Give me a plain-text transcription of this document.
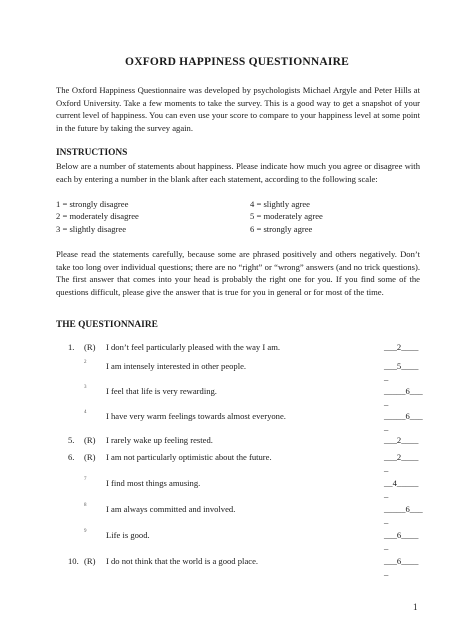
OXFORD HAPPINESS QUESTIONNAIRE
The Oxford Happiness Questionnaire was developed by psychologists Michael Argyle and Peter Hills at Oxford University. Take a few moments to take the survey. This is a good way to get a snapshot of your current level of happiness. You can even use your score to compare to your happiness level at some point in the future by taking the survey again.
INSTRUCTIONS
Below are a number of statements about happiness. Please indicate how much you agree or disagree with each by entering a number in the blank after each statement, according to the following scale:
1 = strongly disagree
2 = moderately disagree
3 = slightly disagree
4 = slightly agree
5 = moderately agree
6 = strongly agree
Please read the statements carefully, because some are phrased positively and others negatively. Don’t take too long over individual questions; there are no “right” or “wrong” answers (and no trick questions). The first answer that comes into your head is probably the right one for you. If you find some of the questions difficult, please give the answer that is true for you in general or for most of the time.
THE QUESTIONNAIRE
1. (R) I don’t feel particularly pleased with the way I am.	___2____
2 I am intensely interested in other people.	___5____
_
3 I feel that life is very rewarding.	_____6___
_
4 I have very warm feelings towards almost everyone.	_____6___
_
5. (R) I rarely wake up feeling rested.	___2____
6. (R) I am not particularly optimistic about the future.	___2____
_
7 I find most things amusing.	__4_____
_
8 I am always committed and involved.	_____6___
_
9 Life is good.	___6____
_
10. (R) I do not think that the world is a good place.	___6____
_
1
